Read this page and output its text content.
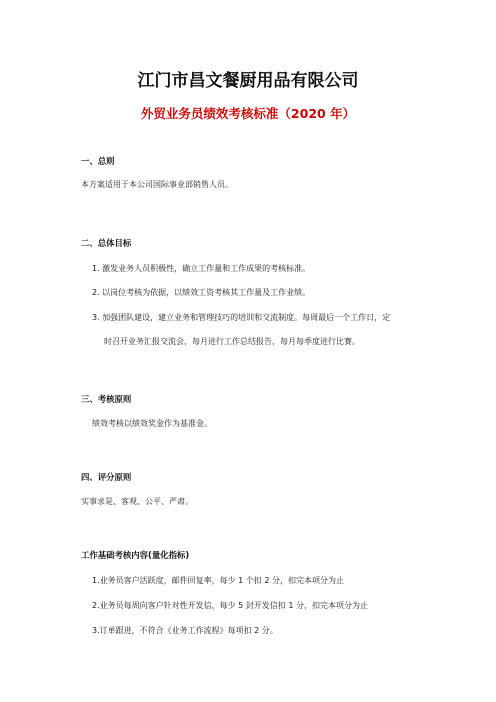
江门市昌文餐厨用品有限公司
外贸业务员绩效考核标准（2020 年）
一、总则
本方案适用于本公司国际事业部销售人员。
二、总体目标
1. 激发业务人员积极性，确立工作量和工作成果的考核标准。
2. 以岗位考核为依据，以绩效工资考核其工作量及工作业绩。
3. 加强团队建设，建立业务和管理技巧的培训和交流制度。每周最后一个工作日，定
时召开业务汇报交流会，每月进行工作总结报告，每月每季度进行比赛。
三、考核原则
绩效考核以绩效奖金作为基准金。
四、评分原则
实事求是、客观、公平、严肃。
工作基础考核内容(量化指标)
1.业务员客户活跃度，邮件回复率，每少 1 个扣 2 分，扣完本项分为止
2.业务员每周向客户针对性开发信，每少 5 封开发信扣 1 分，扣完本项分为止
3.订单跟进，不符合《业务工作流程》每项扣 2 分。
